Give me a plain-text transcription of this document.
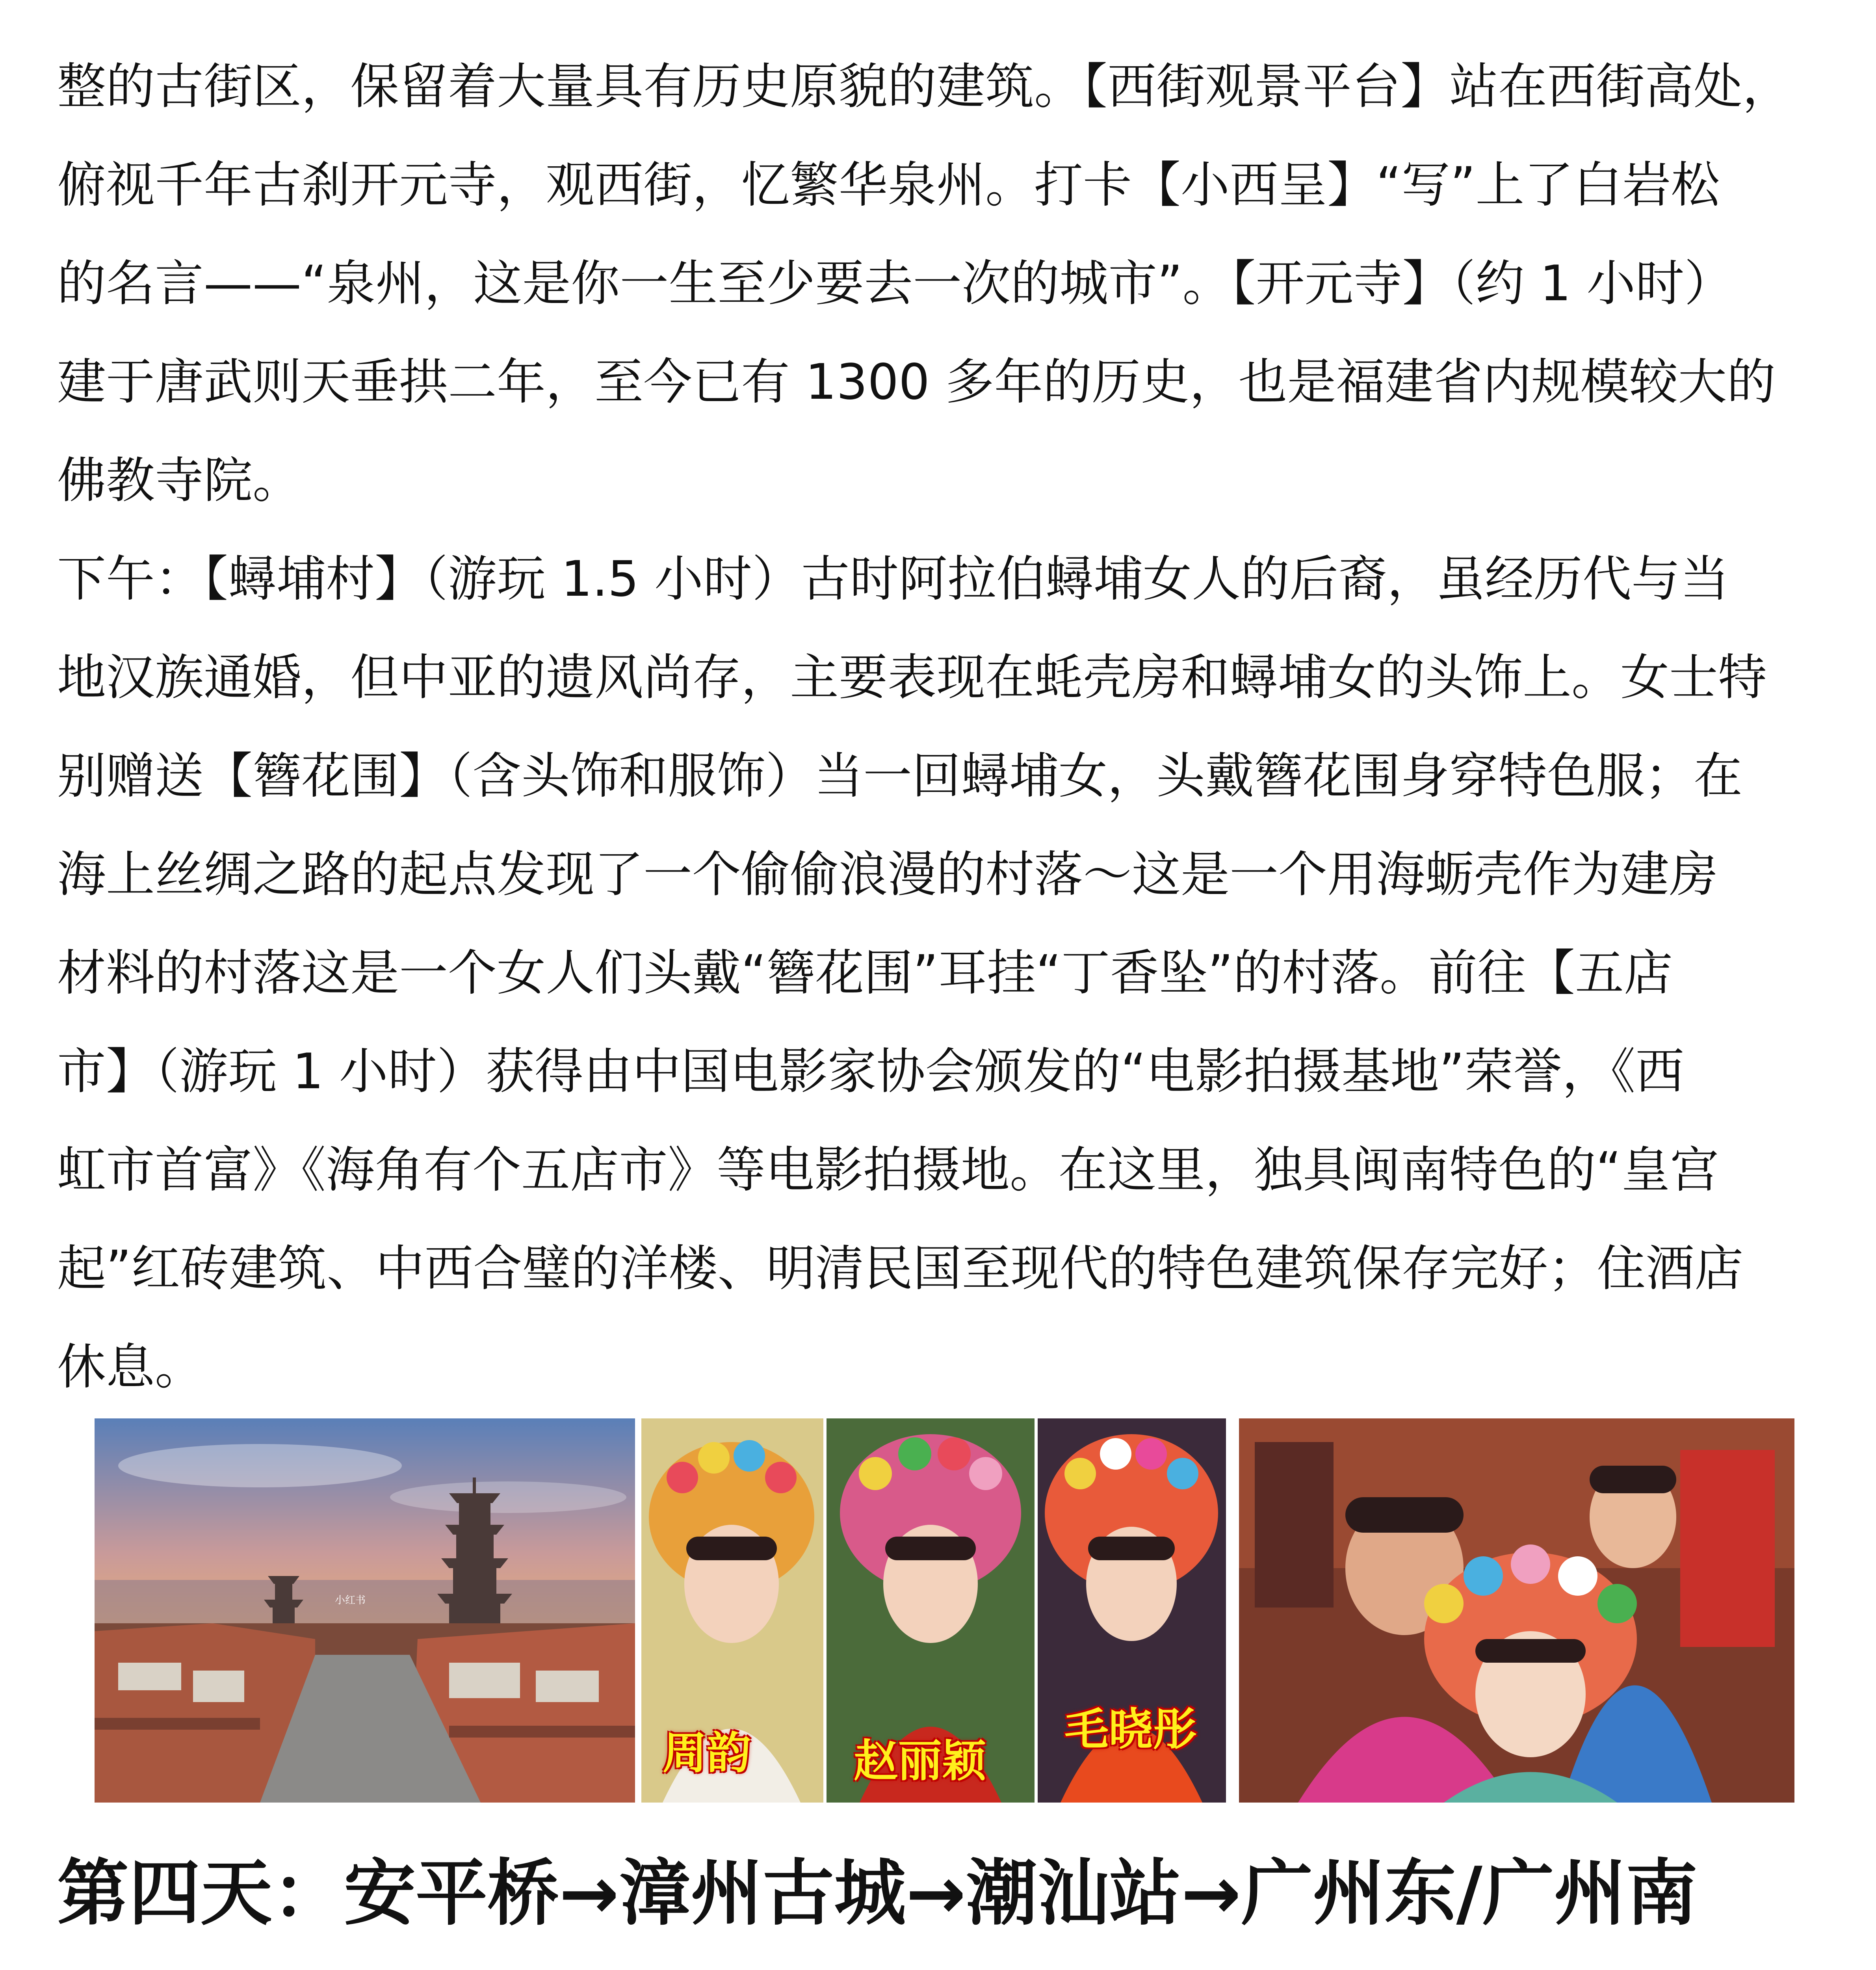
整的古街区，保留着大量具有历史原貌的建筑。【西街观景平台】站在西街高处，
俯视千年古刹开元寺，观西街，忆繁华泉州。打卡【小西呈】“写”上了白岩松
的名言——“泉州，这是你一生至少要去一次的城市”。【开元寺】（约 1 小时）
建于唐武则天垂拱二年，至今已有 1300 多年的历史，也是福建省内规模较大的
佛教寺院。
下午：【蟳埔村】（游玩 1.5 小时）古时阿拉伯蟳埔女人的后裔，虽经历代与当
地汉族通婚，但中亚的遗风尚存，主要表现在蚝壳房和蟳埔女的头饰上。女士特
别赠送【簪花围】（含头饰和服饰）当一回蟳埔女，头戴簪花围身穿特色服；在
海上丝绸之路的起点发现了一个偷偷浪漫的村落～这是一个用海蛎壳作为建房
材料的村落这是一个女人们头戴“簪花围”耳挂“丁香坠”的村落。前往【五店
市】（游玩 1 小时）获得由中国电影家协会颁发的“电影拍摄基地”荣誉，《西
虹市首富》《海角有个五店市》等电影拍摄地。在这里，独具闽南特色的“皇宫
起”红砖建筑、中西合璧的洋楼、明清民国至现代的特色建筑保存完好；住酒店
休息。
小红书
周韵 赵丽颖
毛晓彤
第四天：安平桥→漳州古城→潮汕站→广州东/广州南
